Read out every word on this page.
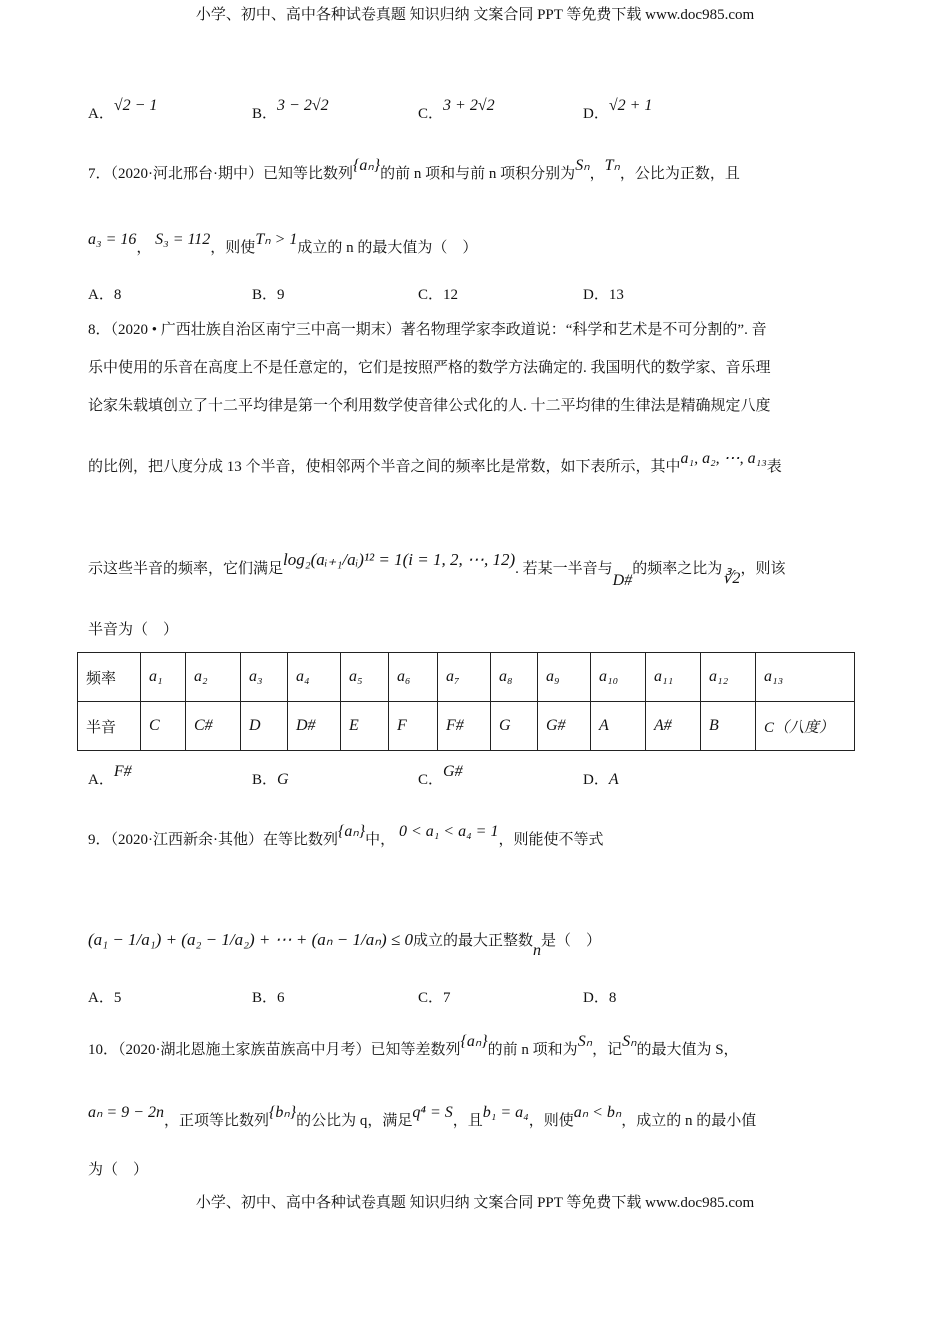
小学、初中、高中各种试卷真题 知识归纳 文案合同 PPT 等免费下载 www.doc985.com
A．√2 − 1	B．3 − 2√2	C．3 + 2√2	D．√2 + 1
7．（2020·河北邢台·期中）已知等比数列{aₙ}的前 n 项和与前 n 项积分别为Sₙ，Tₙ，公比为正数，且
a₃ = 16， S₃ = 112，则使Tₙ > 1成立的 n 的最大值为（　）
A．8	B．9	C．12	D．13
8．（2020 • 广西壮族自治区南宁三中高一期末）著名物理学家李政道说：“科学和艺术是不可分割的”. 音
乐中使用的乐音在高度上不是任意定的，它们是按照严格的数学方法确定的. 我国明代的数学家、音乐理
论家朱载填创立了十二平均律是第一个利用数学使音律公式化的人. 十二平均律的生律法是精确规定八度
的比例，把八度分成 13 个半音，使相邻两个半音之间的频率比是常数，如下表所示，其中a₁, a₂, ⋯, a₁₃表
示这些半音的频率，它们满足log₂(aᵢ₊₁/aᵢ)¹² = 1(i = 1, 2, ⋯, 12). 若某一半音与D#的频率之比为∛2，则该
半音为（　）
频率	a₁	a₂	a₃	a₄	a₅	a₆	a₇	a₈	a₉	a₁₀	a₁₁	a₁₂	a₁₃
半音	C	C#	D	D#	E	F	F#	G	G#	A	A#	B	C（八度）
A．F#	B．G	C．G#	D．A
9．（2020·江西新余·其他）在等比数列{aₙ}中， 0 < a₁ < a₄ = 1，则能使不等式
(a₁ − 1/a₁) + (a₂ − 1/a₂) + ⋯ + (aₙ − 1/aₙ) ≤ 0成立的最大正整数n是（　）
A．5	B．6	C．7	D．8
10．（2020·湖北恩施土家族苗族高中月考）已知等差数列{aₙ}的前 n 项和为Sₙ，记Sₙ的最大值为 S，
aₙ = 9 − 2n，正项等比数列{bₙ}的公比为 q，满足q⁴ = S，且b₁ = a₄，则使aₙ < bₙ，成立的 n 的最小值
为（　）
小学、初中、高中各种试卷真题 知识归纳 文案合同 PPT 等免费下载 www.doc985.com
